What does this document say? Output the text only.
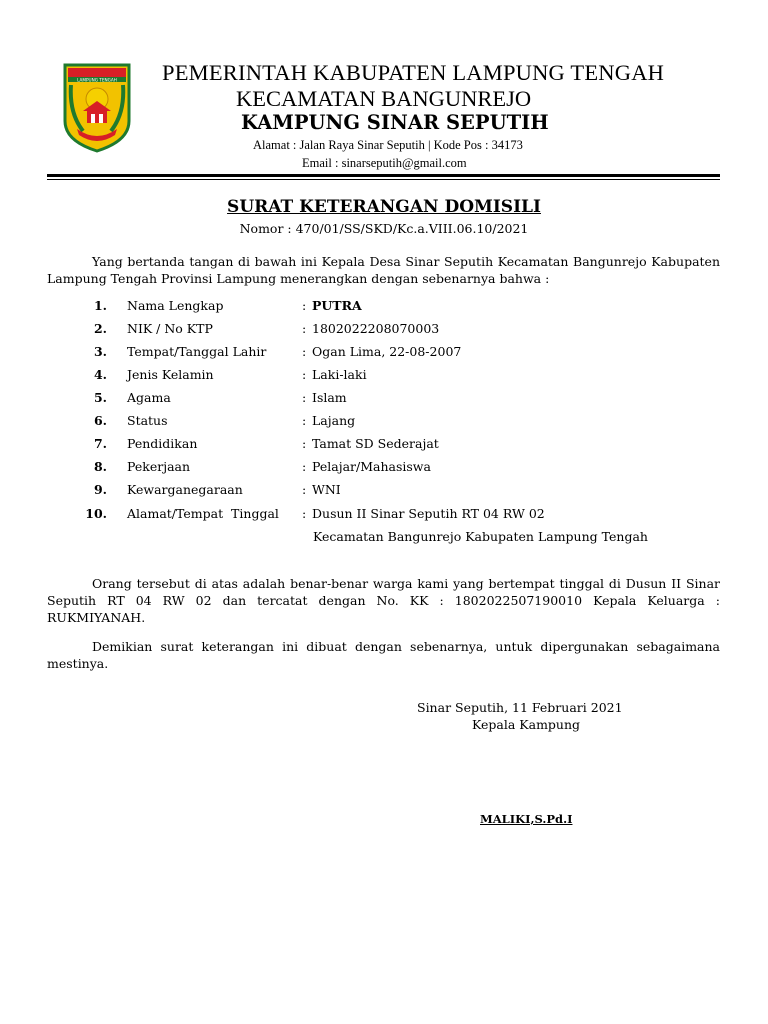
LAMPUNG TENGAH PEMERINTAH KABUPATEN LAMPUNG TENGAH
KECAMATAN BANGUNREJO
KAMPUNG SINAR SEPUTIH
Alamat : Jalan Raya Sinar Seputih | Kode Pos : 34173
Email : sinarseputih@gmail.com
SURAT KETERANGAN DOMISILI
Nomor : 470/01/SS/SKD/Kc.a.VIII.06.10/2021
Yang bertanda tangan di bawah ini Kepala Desa Sinar Seputih Kecamatan Bangunrejo Kabupaten Lampung Tengah Provinsi Lampung menerangkan dengan sebenarnya bahwa :
1. Nama Lengkap	: PUTRA
2. NIK / No KTP	: 1802022208070003
3. Tempat/Tanggal Lahir	: Ogan Lima, 22-08-2007
4. Jenis Kelamin	: Laki-laki
5. Agama	: Islam
6. Status	: Lajang
7. Pendidikan	: Tamat SD Sederajat
8. Pekerjaan	: Pelajar/Mahasiswa
9. Kewarganegaraan	: WNI
10. Alamat/Tempat  Tinggal : Dusun II Sinar Seputih RT 04 RW 02
Kecamatan Bangunrejo Kabupaten Lampung Tengah
Orang tersebut di atas adalah benar-benar warga kami yang bertempat tinggal di Dusun II Sinar Seputih RT 04 RW 02 dan tercatat dengan No. KK : 1802022507190010 Kepala Keluarga : RUKMIYANAH.
Demikian surat keterangan ini dibuat dengan sebenarnya, untuk dipergunakan sebagaimana mestinya.
Sinar Seputih, 11 Februari 2021
Kepala Kampung
MALIKI,S.Pd.I
